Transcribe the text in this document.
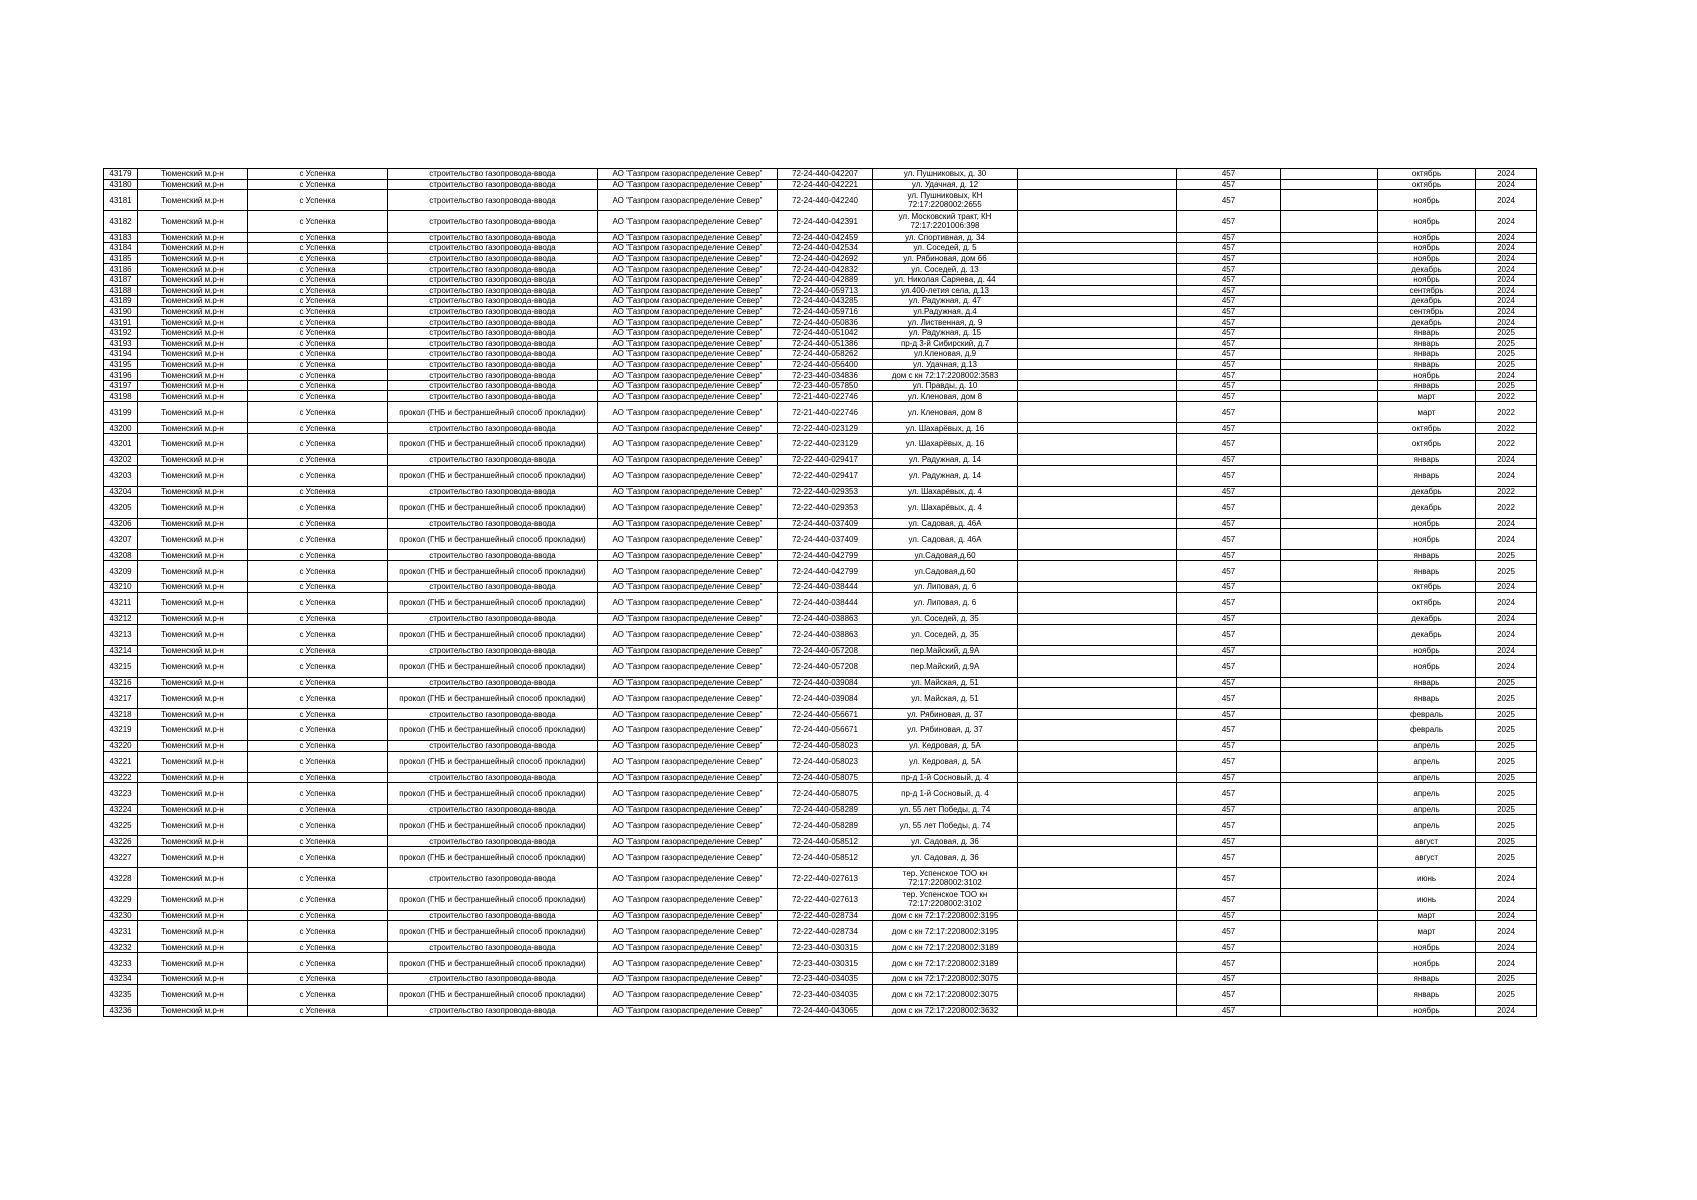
43179	Тюменский м.р-н	с Успенка	строительство газопровода-ввода	АО "Газпром газораспределение Север"	72-24-440-042207	ул. Пушниковых, д. 30		457		октябрь	2024
43180	Тюменский м.р-н	с Успенка	строительство газопровода-ввода	АО "Газпром газораспределение Север"	72-24-440-042221	ул. Удачная, д. 12		457		октябрь	2024
43181	Тюменский м.р-н	с Успенка	строительство газопровода-ввода	АО "Газпром газораспределение Север"	72-24-440-042240	ул. Пушниковых, КН 72:17:2208002:2655		457		ноябрь	2024
43182	Тюменский м.р-н	с Успенка	строительство газопровода-ввода	АО "Газпром газораспределение Север"	72-24-440-042391	ул. Московский тракт, КН 72:17:2201006:398		457		ноябрь	2024
43183	Тюменский м.р-н	с Успенка	строительство газопровода-ввода	АО "Газпром газораспределение Север"	72-24-440-042459	ул. Спортивная, д. 34		457		ноябрь	2024
43184	Тюменский м.р-н	с Успенка	строительство газопровода-ввода	АО "Газпром газораспределение Север"	72-24-440-042534	ул. Соседей, д. 5		457		ноябрь	2024
43185	Тюменский м.р-н	с Успенка	строительство газопровода-ввода	АО "Газпром газораспределение Север"	72-24-440-042692	ул. Рябиновая, дом 66		457		ноябрь	2024
43186	Тюменский м.р-н	с Успенка	строительство газопровода-ввода	АО "Газпром газораспределение Север"	72-24-440-042832	ул. Соседей, д. 13		457		декабрь	2024
43187	Тюменский м.р-н	с Успенка	строительство газопровода-ввода	АО "Газпром газораспределение Север"	72-24-440-042889	ул. Николая Саряева, д. 44		457		ноябрь	2024
43188	Тюменский м.р-н	с Успенка	строительство газопровода-ввода	АО "Газпром газораспределение Север"	72-24-440-059713	ул.400-летия села, д.13		457		сентябрь	2024
43189	Тюменский м.р-н	с Успенка	строительство газопровода-ввода	АО "Газпром газораспределение Север"	72-24-440-043285	ул. Радужная, д. 47		457		декабрь	2024
43190	Тюменский м.р-н	с Успенка	строительство газопровода-ввода	АО "Газпром газораспределение Север"	72-24-440-059716	ул.Радужная, д.4		457		сентябрь	2024
43191	Тюменский м.р-н	с Успенка	строительство газопровода-ввода	АО "Газпром газораспределение Север"	72-24-440-050836	ул. Лиственная, д. 9		457		декабрь	2024
43192	Тюменский м.р-н	с Успенка	строительство газопровода-ввода	АО "Газпром газораспределение Север"	72-24-440-051042	ул. Радужная, д. 15		457		январь	2025
43193	Тюменский м.р-н	с Успенка	строительство газопровода-ввода	АО "Газпром газораспределение Север"	72-24-440-051386	пр-д 3-й Сибирский, д.7		457		январь	2025
43194	Тюменский м.р-н	с Успенка	строительство газопровода-ввода	АО "Газпром газораспределение Север"	72-24-440-058262	ул.Кленовая, д.9		457		январь	2025
43195	Тюменский м.р-н	с Успенка	строительство газопровода-ввода	АО "Газпром газораспределение Север"	72-24-440-056400	ул. Удачная, д.13		457		январь	2025
43196	Тюменский м.р-н	с Успенка	строительство газопровода-ввода	АО "Газпром газораспределение Север"	72-23-440-034836	дом с кн 72:17:2208002:3583		457		ноябрь	2024
43197	Тюменский м.р-н	с Успенка	строительство газопровода-ввода	АО "Газпром газораспределение Север"	72-23-440-057850	ул. Правды, д. 10		457		январь	2025
43198	Тюменский м.р-н	с Успенка	строительство газопровода-ввода	АО "Газпром газораспределение Север"	72-21-440-022746	ул. Кленовая, дом 8		457		март	2022
43199	Тюменский м.р-н	с Успенка	прокол (ГНБ и бестраншейный способ прокладки)	АО "Газпром газораспределение Север"	72-21-440-022746	ул. Кленовая, дом 8		457		март	2022
43200	Тюменский м.р-н	с Успенка	строительство газопровода-ввода	АО "Газпром газораспределение Север"	72-22-440-023129	ул. Шахарёвых, д. 16		457		октябрь	2022
43201	Тюменский м.р-н	с Успенка	прокол (ГНБ и бестраншейный способ прокладки)	АО "Газпром газораспределение Север"	72-22-440-023129	ул. Шахарёвых, д. 16		457		октябрь	2022
43202	Тюменский м.р-н	с Успенка	строительство газопровода-ввода	АО "Газпром газораспределение Север"	72-22-440-029417	ул. Радужная, д. 14		457		январь	2024
43203	Тюменский м.р-н	с Успенка	прокол (ГНБ и бестраншейный способ прокладки)	АО "Газпром газораспределение Север"	72-22-440-029417	ул. Радужная, д. 14		457		январь	2024
43204	Тюменский м.р-н	с Успенка	строительство газопровода-ввода	АО "Газпром газораспределение Север"	72-22-440-029353	ул. Шахарёвых, д. 4		457		декабрь	2022
43205	Тюменский м.р-н	с Успенка	прокол (ГНБ и бестраншейный способ прокладки)	АО "Газпром газораспределение Север"	72-22-440-029353	ул. Шахарёвых, д. 4		457		декабрь	2022
43206	Тюменский м.р-н	с Успенка	строительство газопровода-ввода	АО "Газпром газораспределение Север"	72-24-440-037409	ул. Садовая, д. 46А		457		ноябрь	2024
43207	Тюменский м.р-н	с Успенка	прокол (ГНБ и бестраншейный способ прокладки)	АО "Газпром газораспределение Север"	72-24-440-037409	ул. Садовая, д. 46А		457		ноябрь	2024
43208	Тюменский м.р-н	с Успенка	строительство газопровода-ввода	АО "Газпром газораспределение Север"	72-24-440-042799	ул.Садовая,д.60		457		январь	2025
43209	Тюменский м.р-н	с Успенка	прокол (ГНБ и бестраншейный способ прокладки)	АО "Газпром газораспределение Север"	72-24-440-042799	ул.Садовая,д.60		457		январь	2025
43210	Тюменский м.р-н	с Успенка	строительство газопровода-ввода	АО "Газпром газораспределение Север"	72-24-440-038444	ул. Липовая, д. 6		457		октябрь	2024
43211	Тюменский м.р-н	с Успенка	прокол (ГНБ и бестраншейный способ прокладки)	АО "Газпром газораспределение Север"	72-24-440-038444	ул. Липовая, д. 6		457		октябрь	2024
43212	Тюменский м.р-н	с Успенка	строительство газопровода-ввода	АО "Газпром газораспределение Север"	72-24-440-038863	ул. Соседей, д. 35		457		декабрь	2024
43213	Тюменский м.р-н	с Успенка	прокол (ГНБ и бестраншейный способ прокладки)	АО "Газпром газораспределение Север"	72-24-440-038863	ул. Соседей, д. 35		457		декабрь	2024
43214	Тюменский м.р-н	с Успенка	строительство газопровода-ввода	АО "Газпром газораспределение Север"	72-24-440-057208	пер.Майский, д.9А		457		ноябрь	2024
43215	Тюменский м.р-н	с Успенка	прокол (ГНБ и бестраншейный способ прокладки)	АО "Газпром газораспределение Север"	72-24-440-057208	пер.Майский, д.9А		457		ноябрь	2024
43216	Тюменский м.р-н	с Успенка	строительство газопровода-ввода	АО "Газпром газораспределение Север"	72-24-440-039084	ул. Майская, д. 51		457		январь	2025
43217	Тюменский м.р-н	с Успенка	прокол (ГНБ и бестраншейный способ прокладки)	АО "Газпром газораспределение Север"	72-24-440-039084	ул. Майская, д. 51		457		январь	2025
43218	Тюменский м.р-н	с Успенка	строительство газопровода-ввода	АО "Газпром газораспределение Север"	72-24-440-056671	ул. Рябиновая, д. 37		457		февраль	2025
43219	Тюменский м.р-н	с Успенка	прокол (ГНБ и бестраншейный способ прокладки)	АО "Газпром газораспределение Север"	72-24-440-056671	ул. Рябиновая, д. 37		457		февраль	2025
43220	Тюменский м.р-н	с Успенка	строительство газопровода-ввода	АО "Газпром газораспределение Север"	72-24-440-058023	ул. Кедровая, д. 5А		457		апрель	2025
43221	Тюменский м.р-н	с Успенка	прокол (ГНБ и бестраншейный способ прокладки)	АО "Газпром газораспределение Север"	72-24-440-058023	ул. Кедровая, д. 5А		457		апрель	2025
43222	Тюменский м.р-н	с Успенка	строительство газопровода-ввода	АО "Газпром газораспределение Север"	72-24-440-058075	пр-д 1-й Сосновый, д. 4		457		апрель	2025
43223	Тюменский м.р-н	с Успенка	прокол (ГНБ и бестраншейный способ прокладки)	АО "Газпром газораспределение Север"	72-24-440-058075	пр-д 1-й Сосновый, д. 4		457		апрель	2025
43224	Тюменский м.р-н	с Успенка	строительство газопровода-ввода	АО "Газпром газораспределение Север"	72-24-440-058289	ул. 55 лет Победы, д. 74		457		апрель	2025
43225	Тюменский м.р-н	с Успенка	прокол (ГНБ и бестраншейный способ прокладки)	АО "Газпром газораспределение Север"	72-24-440-058289	ул. 55 лет Победы, д. 74		457		апрель	2025
43226	Тюменский м.р-н	с Успенка	строительство газопровода-ввода	АО "Газпром газораспределение Север"	72-24-440-058512	ул. Садовая, д. 36		457		август	2025
43227	Тюменский м.р-н	с Успенка	прокол (ГНБ и бестраншейный способ прокладки)	АО "Газпром газораспределение Север"	72-24-440-058512	ул. Садовая, д. 36		457		август	2025
43228	Тюменский м.р-н	с Успенка	строительство газопровода-ввода	АО "Газпром газораспределение Север"	72-22-440-027613	тер. Успенское ТОО кн 72:17:2208002:3102		457		июнь	2024
43229	Тюменский м.р-н	с Успенка	прокол (ГНБ и бестраншейный способ прокладки)	АО "Газпром газораспределение Север"	72-22-440-027613	тер. Успенское ТОО кн 72:17:2208002:3102		457		июнь	2024
43230	Тюменский м.р-н	с Успенка	строительство газопровода-ввода	АО "Газпром газораспределение Север"	72-22-440-028734	дом с кн 72:17:2208002:3195		457		март	2024
43231	Тюменский м.р-н	с Успенка	прокол (ГНБ и бестраншейный способ прокладки)	АО "Газпром газораспределение Север"	72-22-440-028734	дом с кн 72:17:2208002:3195		457		март	2024
43232	Тюменский м.р-н	с Успенка	строительство газопровода-ввода	АО "Газпром газораспределение Север"	72-23-440-030315	дом с кн 72:17:2208002:3189		457		ноябрь	2024
43233	Тюменский м.р-н	с Успенка	прокол (ГНБ и бестраншейный способ прокладки)	АО "Газпром газораспределение Север"	72-23-440-030315	дом с кн 72:17:2208002:3189		457		ноябрь	2024
43234	Тюменский м.р-н	с Успенка	строительство газопровода-ввода	АО "Газпром газораспределение Север"	72-23-440-034035	дом с кн 72:17:2208002:3075		457		январь	2025
43235	Тюменский м.р-н	с Успенка	прокол (ГНБ и бестраншейный способ прокладки)	АО "Газпром газораспределение Север"	72-23-440-034035	дом с кн 72:17:2208002:3075		457		январь	2025
43236	Тюменский м.р-н	с Успенка	строительство газопровода-ввода	АО "Газпром газораспределение Север"	72-24-440-043065	дом с кн 72:17:2208002:3632		457		ноябрь	2024
